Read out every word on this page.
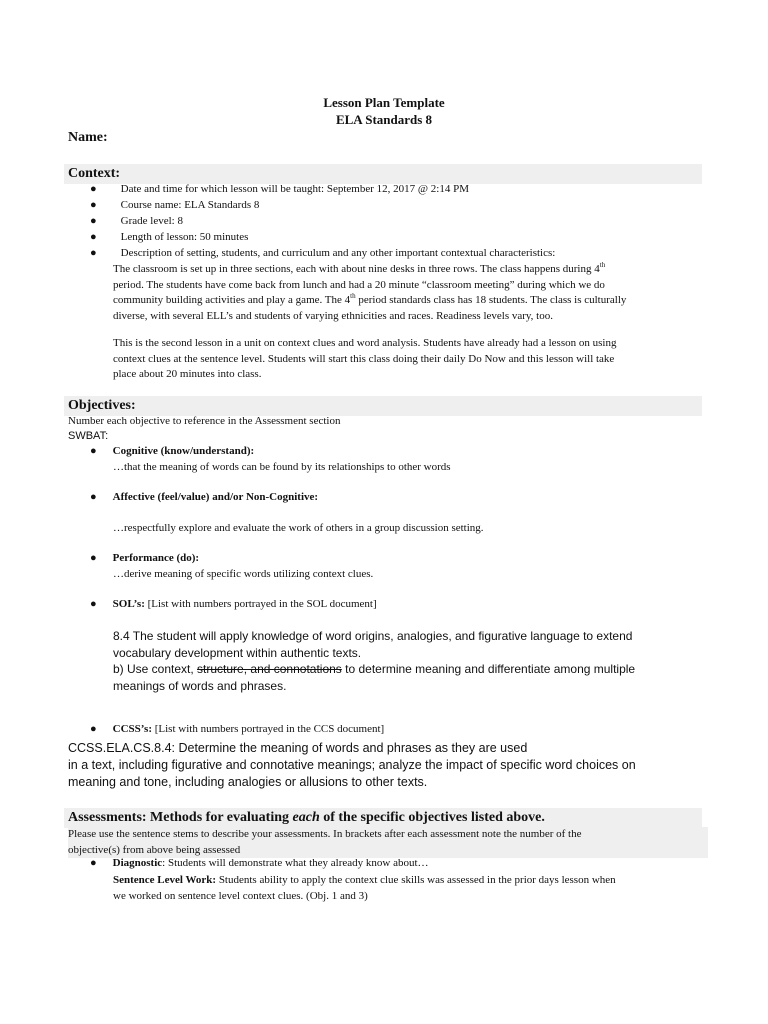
Lesson Plan Template
ELA Standards 8
Name:
Context:
● Date and time for which lesson will be taught: September 12, 2017 @ 2:14 PM
● Course name: ELA Standards 8
● Grade level: 8
● Length of lesson: 50 minutes
● Description of setting, students, and curriculum and any other important contextual characteristics:
The classroom is set up in three sections, each with about nine desks in three rows. The class happens during 4th
period. The students have come back from lunch and had a 20 minute “classroom meeting” during which we do
community building activities and play a game. The 4th period standards class has 18 students. The class is culturally
diverse, with several ELL’s and students of varying ethnicities and races. Readiness levels vary, too.
This is the second lesson in a unit on context clues and word analysis. Students have already had a lesson on using
context clues at the sentence level. Students will start this class doing their daily Do Now and this lesson will take
place about 20 minutes into class.
Objectives:
Number each objective to reference in the Assessment section
SWBAT:
● Cognitive (know/understand):
…that the meaning of words can be found by its relationships to other words
● Affective (feel/value) and/or Non-Cognitive:
…respectfully explore and evaluate the work of others in a group discussion setting.
● Performance (do):
…derive meaning of specific words utilizing context clues.
● SOL’s: [List with numbers portrayed in the SOL document]
8.4 The student will apply knowledge of word origins, analogies, and figurative language to extend
vocabulary development within authentic texts.
b) Use context, structure, and connotations to determine meaning and differentiate among multiple
meanings of words and phrases.
● CCSS’s: [List with numbers portrayed in the CCS document]
CCSS.ELA.CS.8.4: Determine the meaning of words and phrases as they are used
in a text, including figurative and connotative meanings; analyze the impact of specific word choices on
meaning and tone, including analogies or allusions to other texts.
Assessments: Methods for evaluating each of the specific objectives listed above.
Please use the sentence stems to describe your assessments. In brackets after each assessment note the number of the
objective(s) from above being assessed
● Diagnostic: Students will demonstrate what they already know about…
Sentence Level Work: Students ability to apply the context clue skills was assessed in the prior days lesson when
we worked on sentence level context clues. (Obj. 1 and 3)
